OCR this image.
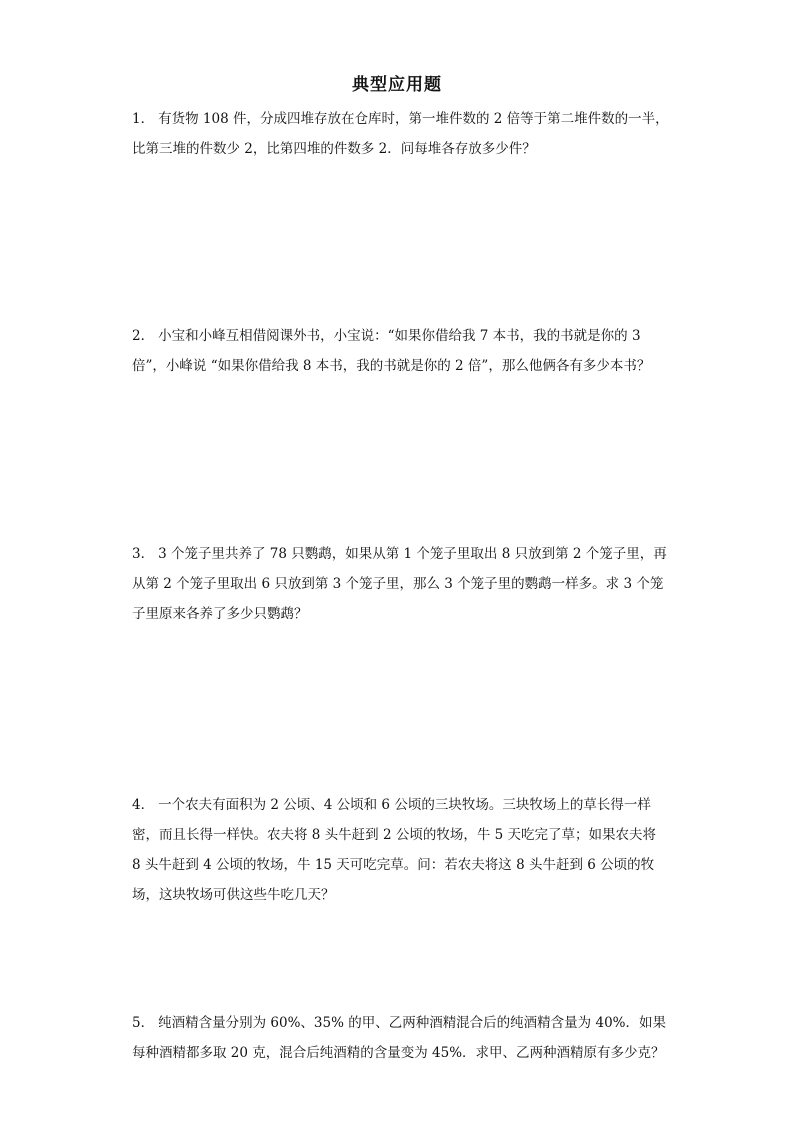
典型应用题
1． 有货物 108 件，分成四堆存放在仓库时，第一堆件数的 2 倍等于第二堆件数的一半，
比第三堆的件数少 2，比第四堆的件数多 2．问每堆各存放多少件？
2． 小宝和小峰互相借阅课外书，小宝说：“如果你借给我 7 本书，我的书就是你的 3
倍”，小峰说 “如果你借给我 8 本书，我的书就是你的 2 倍”，那么他俩各有多少本书？
3． 3 个笼子里共养了 78 只鹦鹉，如果从第 1 个笼子里取出 8 只放到第 2 个笼子里，再
从第 2 个笼子里取出 6 只放到第 3 个笼子里，那么 3 个笼子里的鹦鹉一样多。求 3 个笼
子里原来各养了多少只鹦鹉？
4． 一个农夫有面积为 2 公顷、4 公顷和 6 公顷的三块牧场。三块牧场上的草长得一样
密，而且长得一样快。农夫将 8 头牛赶到 2 公顷的牧场，牛 5 天吃完了草；如果农夫将
8 头牛赶到 4 公顷的牧场，牛 15 天可吃完草。问：若农夫将这 8 头牛赶到 6 公顷的牧
场，这块牧场可供这些牛吃几天？
5． 纯酒精含量分别为 60%、35% 的甲、乙两种酒精混合后的纯酒精含量为 40%．如果
每种酒精都多取 20 克，混合后纯酒精的含量变为 45%．求甲、乙两种酒精原有多少克？
